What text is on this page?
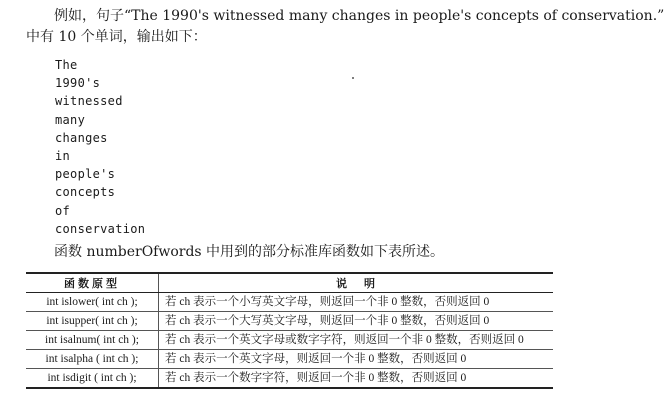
例如，句子“The 1990's witnessed many changes in people's concepts of conservation.”
中有 10 个单词，输出如下：
The
1990's
witnessed
many
changes
in
people's
concepts
of
conservation
函数 numberOfwords 中用到的部分标准库函数如下表所述。
函数原型	说　明
int islower( int ch );	若 ch 表示一个小写英文字母，则返回一个非 0 整数，否则返回 0
int isupper( int ch );	若 ch 表示一个大写英文字母，则返回一个非 0 整数，否则返回 0
int isalnum( int ch );	若 ch 表示一个英文字母或数字字符，则返回一个非 0 整数，否则返回 0
int isalpha ( int ch );	若 ch 表示一个英文字母，则返回一个非 0 整数，否则返回 0
int isdigit ( int ch );	若 ch 表示一个数字字符，则返回一个非 0 整数，否则返回 0
